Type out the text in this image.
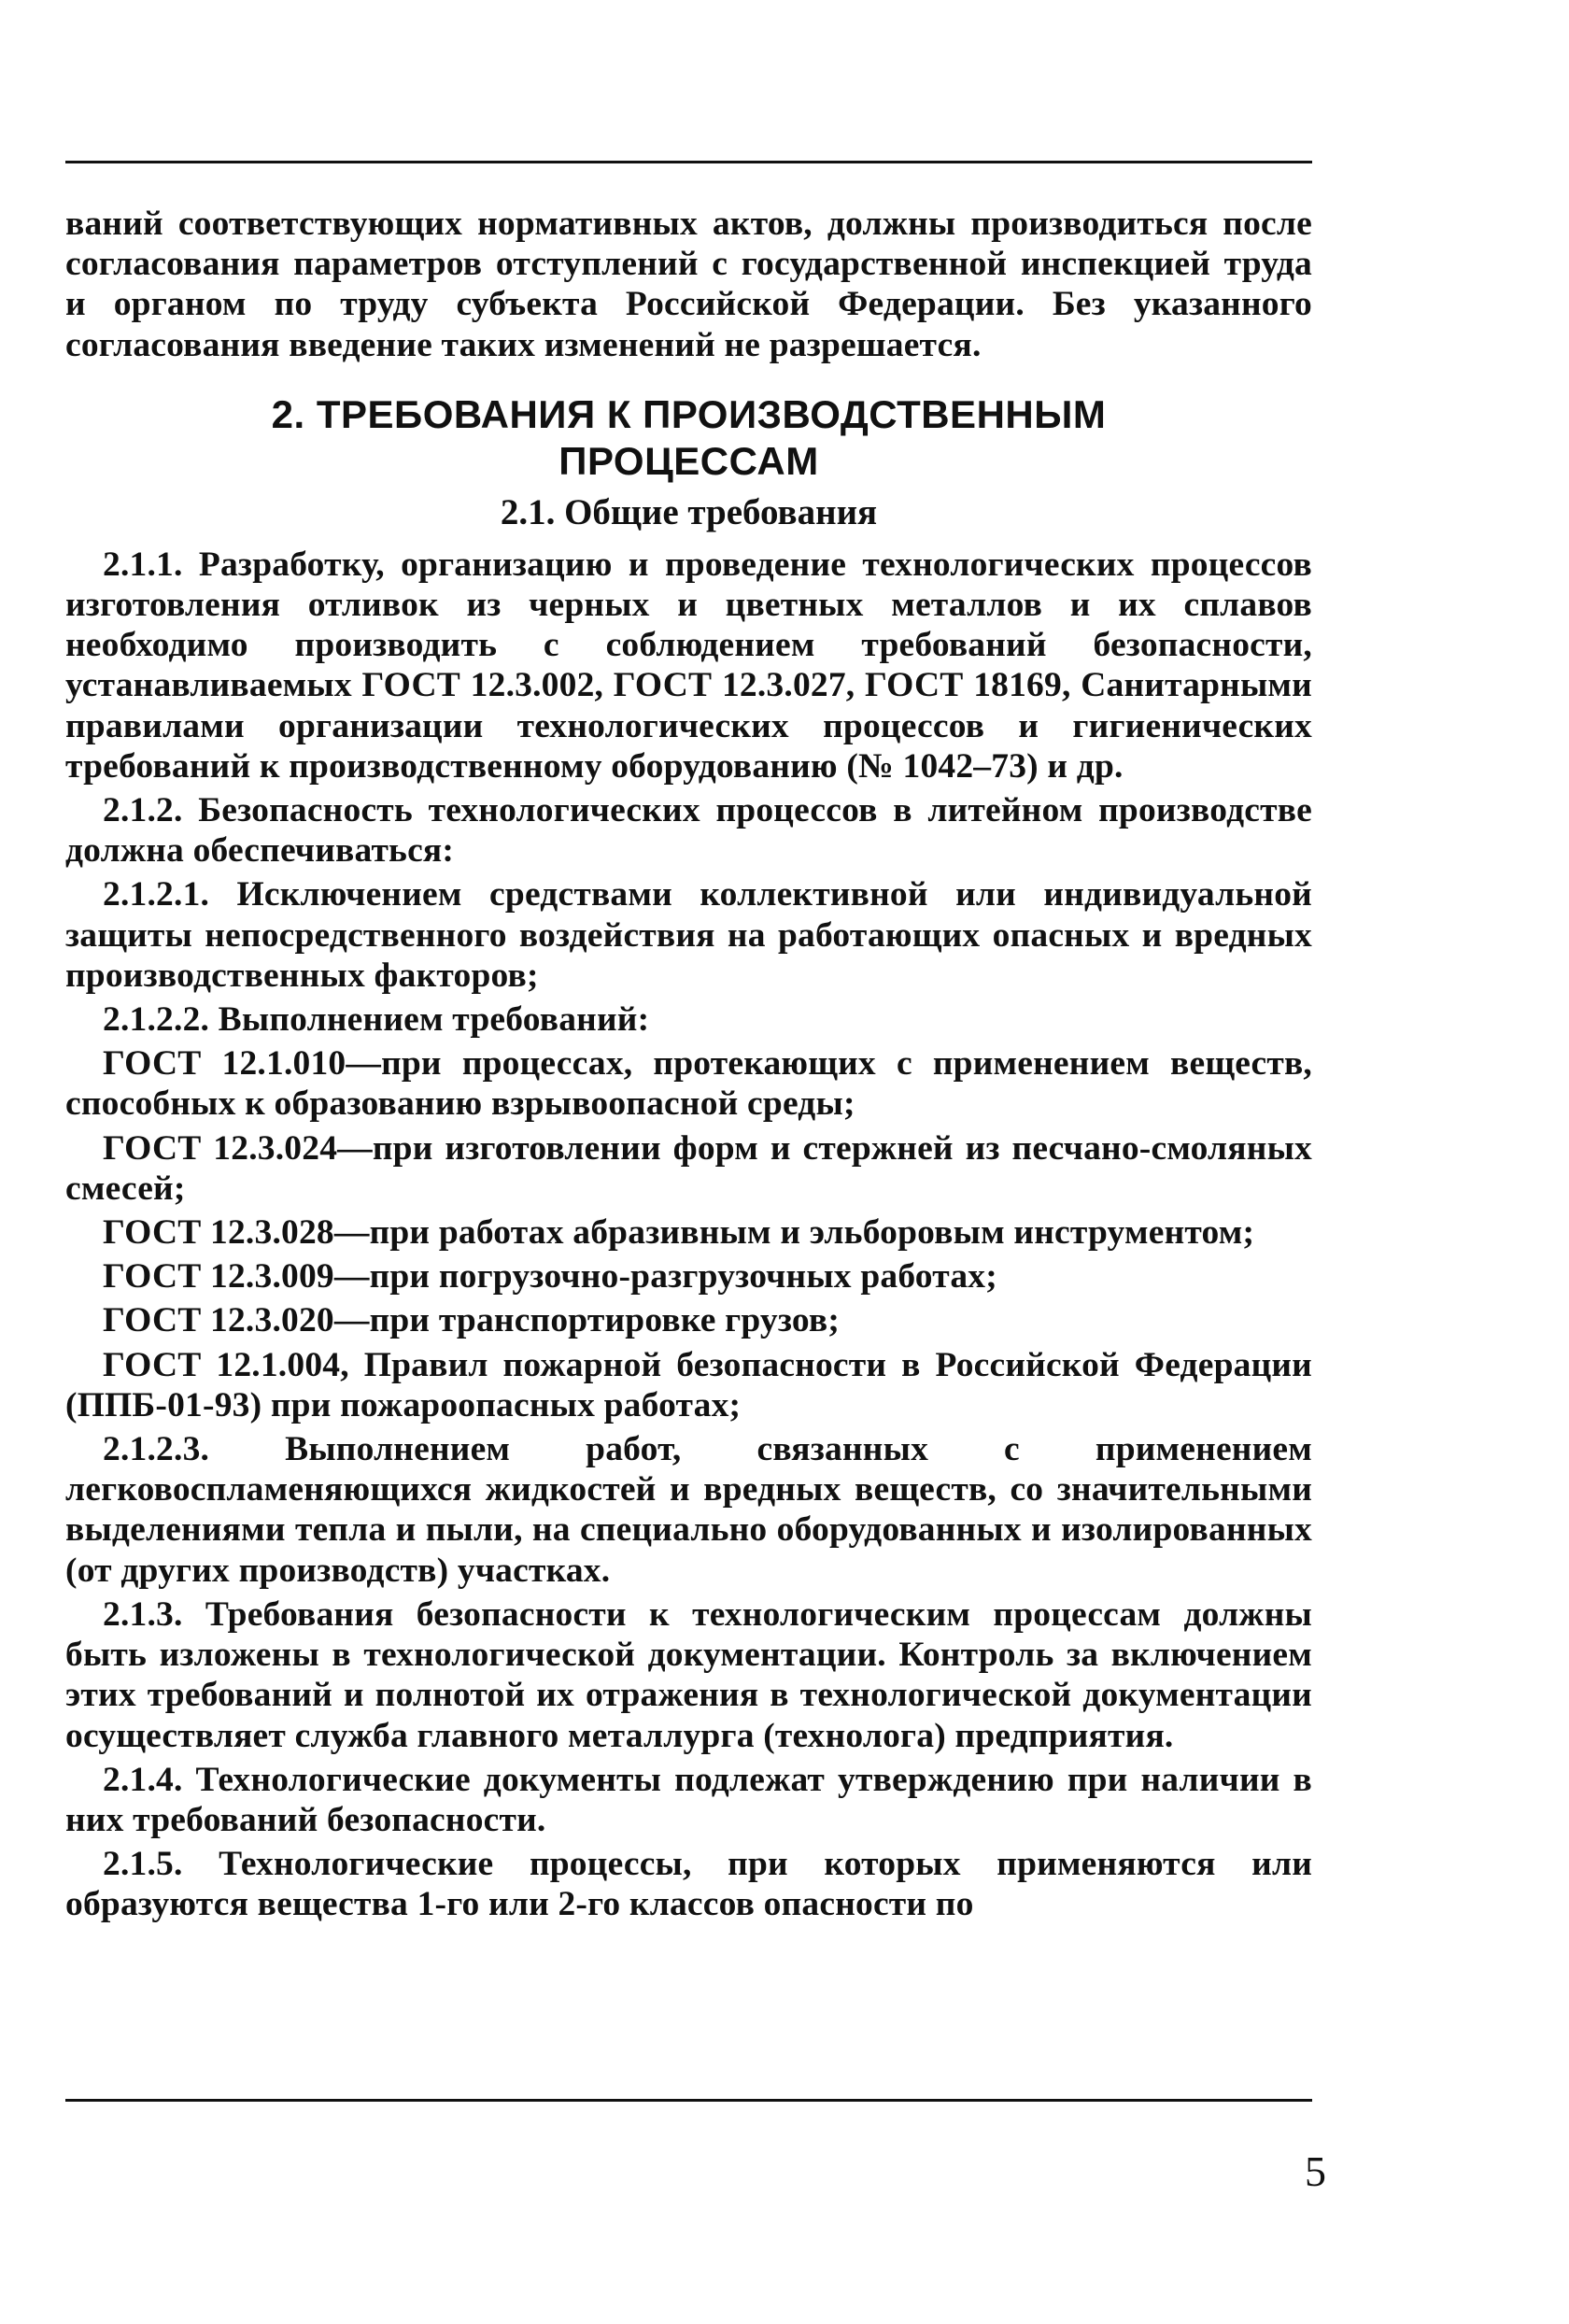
ваний соответствующих нормативных актов, должны производиться после согласования параметров отступлений с государственной инспекцией труда и органом по труду субъекта Российской Федерации. Без указанного согласования введение таких изменений не разрешается.

2. ТРЕБОВАНИЯ К ПРОИЗВОДСТВЕННЫМ
ПРОЦЕССАМ
2.1. Общие требования

2.1.1. Разработку, организацию и проведение технологических процессов изготовления отливок из черных и цветных металлов и их сплавов необходимо производить с соблюдением требований безопасности, устанавливаемых ГОСТ 12.3.002, ГОСТ 12.3.027, ГОСТ 18169, Санитарными правилами организации технологических процессов и гигиенических требований к производственному оборудованию (№ 1042–73) и др.

2.1.2. Безопасность технологических процессов в литейном производстве должна обеспечиваться:

2.1.2.1. Исключением средствами коллективной или индивидуальной защиты непосредственного воздействия на работающих опасных и вредных производственных факторов;

2.1.2.2. Выполнением требований:

ГОСТ 12.1.010—при процессах, протекающих с применением веществ, способных к образованию взрывоопасной среды;

ГОСТ 12.3.024—при изготовлении форм и стержней из песчано-смоляных смесей;

ГОСТ 12.3.028—при работах абразивным и эльборовым инструментом;

ГОСТ 12.3.009—при погрузочно-разгрузочных работах;

ГОСТ 12.3.020—при транспортировке грузов;

ГОСТ 12.1.004, Правил пожарной безопасности в Российской Федерации (ППБ-01-93) при пожароопасных работах;

2.1.2.3. Выполнением работ, связанных с применением легковоспламеняющихся жидкостей и вредных веществ, со значительными выделениями тепла и пыли, на специально оборудованных и изолированных (от других производств) участках.

2.1.3. Требования безопасности к технологическим процессам должны быть изложены в технологической документации. Контроль за включением этих требований и полнотой их отражения в технологической документации осуществляет служба главного металлурга (технолога) предприятия.

2.1.4. Технологические документы подлежат утверждению при наличии в них требований безопасности.

2.1.5. Технологические процессы, при которых применяются или образуются вещества 1-го или 2-го классов опасности по

5
